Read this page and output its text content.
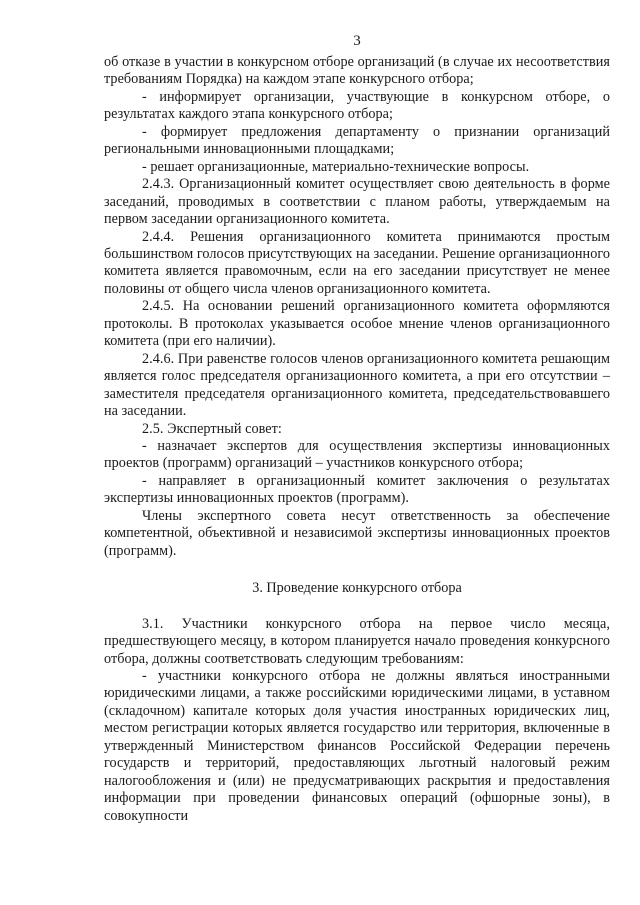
3

об отказе в участии в конкурсном отборе организаций (в случае их несоответствия требованиям Порядка) на каждом этапе конкурсного отбора;

- информирует организации, участвующие в конкурсном отборе, о результатах каждого этапа конкурсного отбора;

- формирует предложения департаменту о признании организаций региональными инновационными площадками;

- решает организационные, материально-технические вопросы.

2.4.3. Организационный комитет осуществляет свою деятельность в форме заседаний, проводимых в соответствии с планом работы, утверждаемым на первом заседании организационного комитета.

2.4.4. Решения организационного комитета принимаются простым большинством голосов присутствующих на заседании. Решение организационного комитета является правомочным, если на его заседании присутствует не менее половины от общего числа членов организационного комитета.

2.4.5. На основании решений организационного комитета оформляются протоколы. В протоколах указывается особое мнение членов организационного комитета (при его наличии).

2.4.6. При равенстве голосов членов организационного комитета решающим является голос председателя организационного комитета, а при его отсутствии – заместителя председателя организационного комитета, председательствовавшего на заседании.

2.5. Экспертный совет:

- назначает экспертов для осуществления экспертизы инновационных проектов (программ) организаций – участников конкурсного отбора;

- направляет в организационный комитет заключения о результатах экспертизы инновационных проектов (программ).

Члены экспертного совета несут ответственность за обеспечение компетентной, объективной и независимой экспертизы инновационных проектов (программ).

3. Проведение конкурсного отбора

3.1. Участники конкурсного отбора на первое число месяца, предшествующего месяцу, в котором планируется начало проведения конкурсного отбора, должны соответствовать следующим требованиям:

- участники конкурсного отбора не должны являться иностранными юридическими лицами, а также российскими юридическими лицами, в уставном (складочном) капитале которых доля участия иностранных юридических лиц, местом регистрации которых является государство или территория, включенные в утвержденный Министерством финансов Российской Федерации перечень государств и территорий, предоставляющих льготный налоговый режим налогообложения и (или) не предусматривающих раскрытия и предоставления информации при проведении финансовых операций (офшорные зоны), в совокупности
